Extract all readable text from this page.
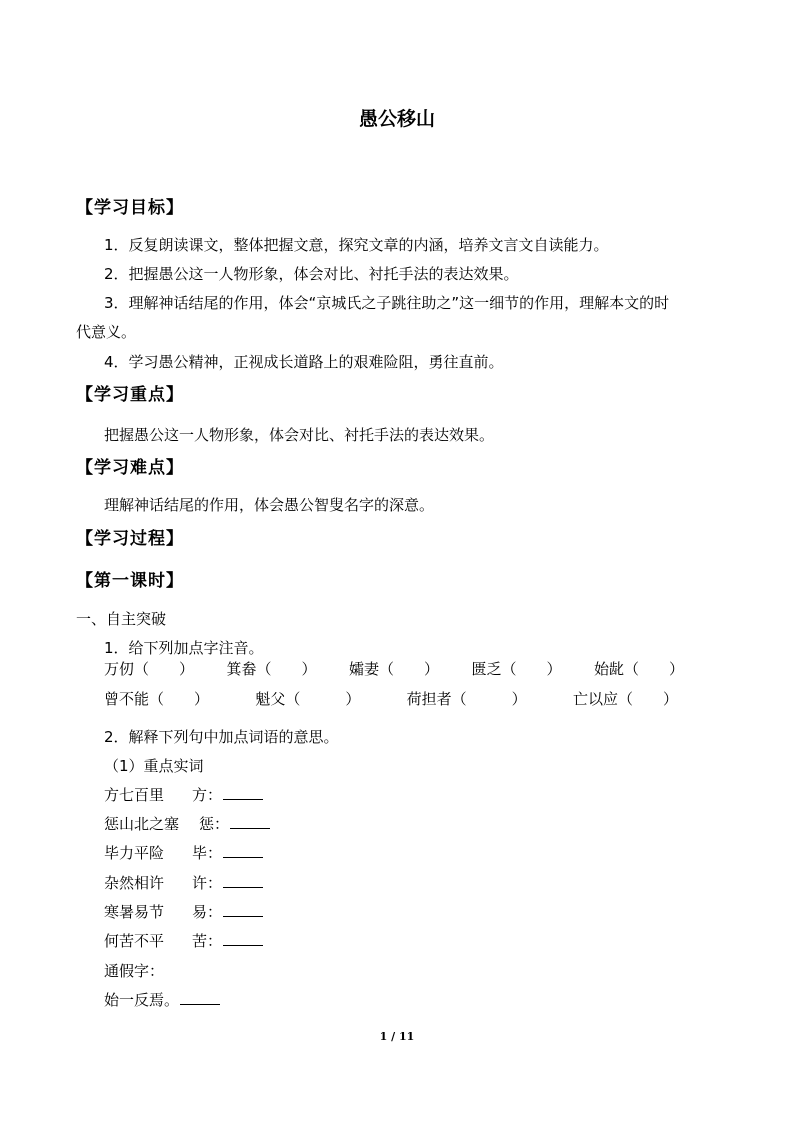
愚公移山
【学习目标】
1．反复朗读课文，整体把握文意，探究文章的内涵，培养文言文自读能力。
2．把握愚公这一人物形象，体会对比、衬托手法的表达效果。
3．理解神话结尾的作用，体会“京城氏之子跳往助之”这一细节的作用，理解本文的时
代意义。
4．学习愚公精神，正视成长道路上的艰难险阻，勇往直前。
【学习重点】
把握愚公这一人物形象，体会对比、衬托手法的表达效果。
【学习难点】
理解神话结尾的作用，体会愚公智叟名字的深意。
【学习过程】
【第一课时】
一、自主突破
1．给下列加点字注音。
万仞（　　） 箕畚（　　） 孀妻（　　） 匮乏（　　） 始龀（　　）
曾不能（　　）	魁父（　　　）	荷担者（　　　）	亡以应（　　）
2．解释下列句中加点词语的意思。
（1）重点实词
方七百里 方：
惩山北之塞 惩：
毕力平险 毕：
杂然相许 许：
寒暑易节 易：
何苦不平 苦：
通假字：
始一反焉。
1 / 11
